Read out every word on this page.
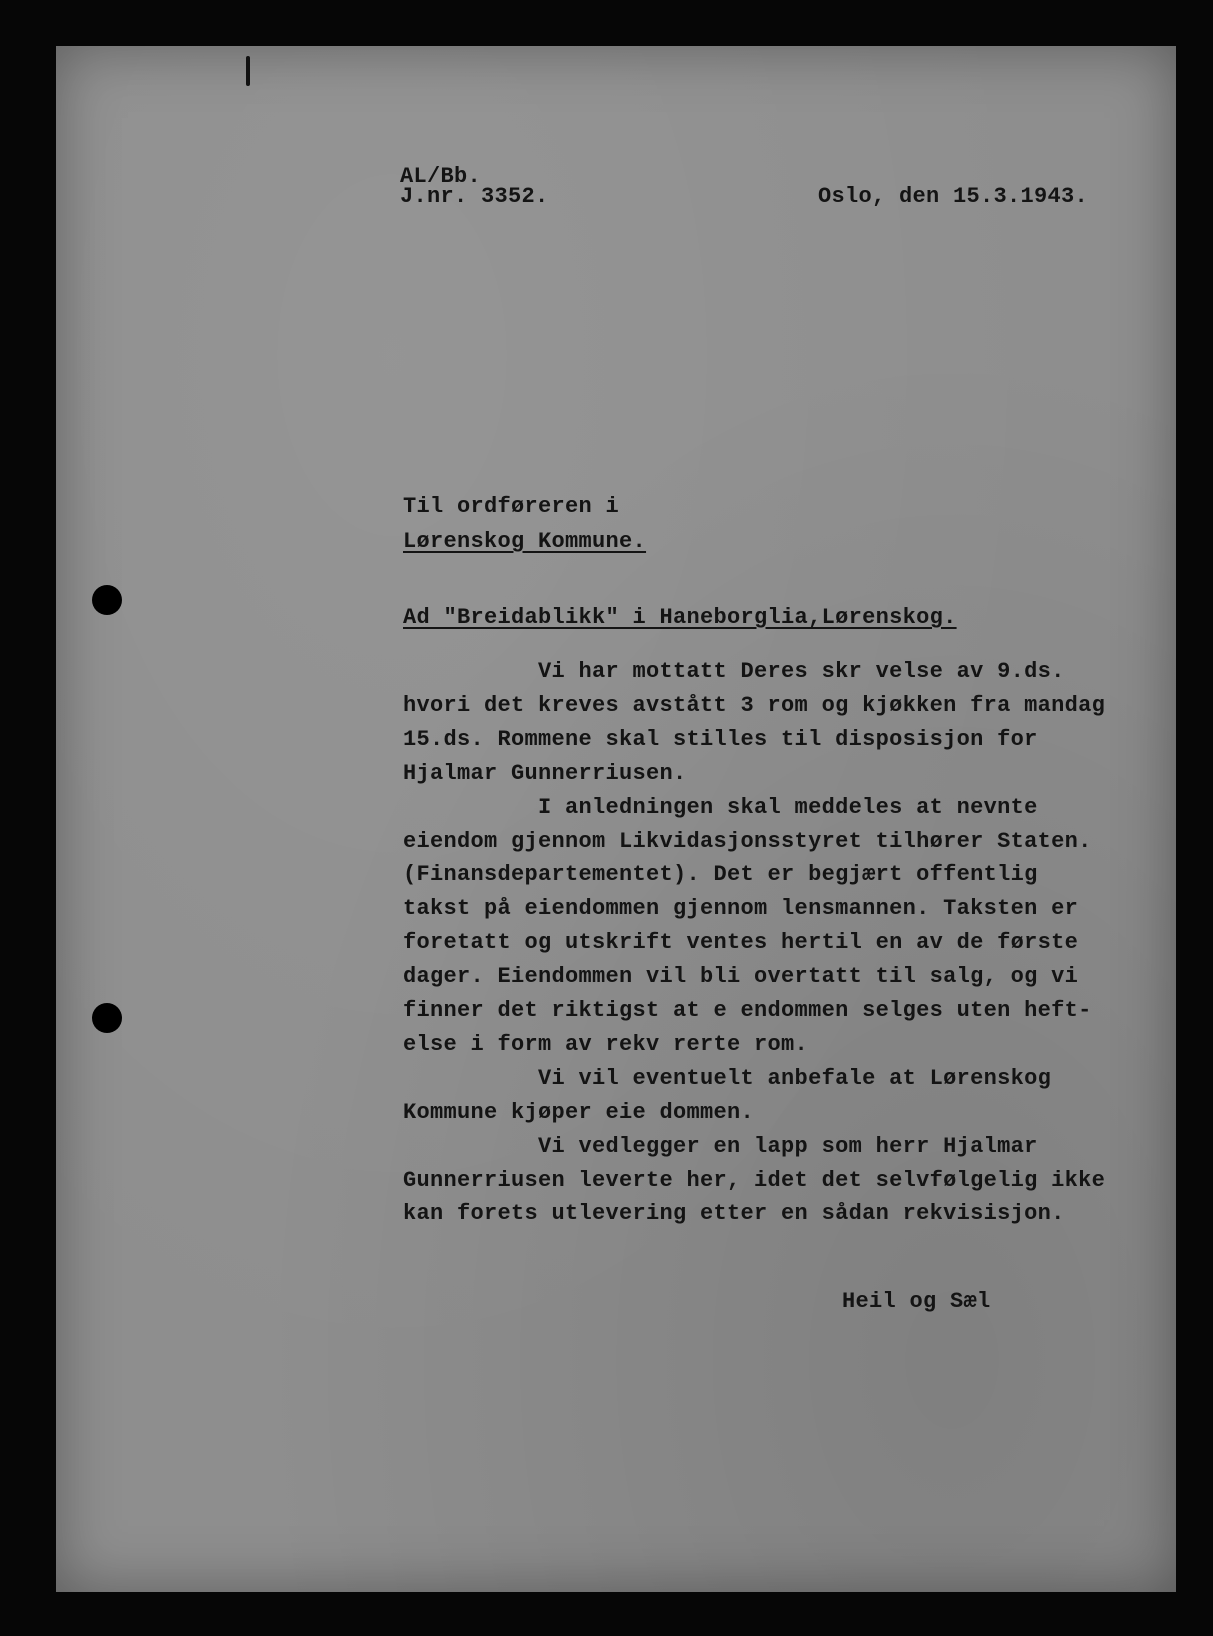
AL/Bb.
J.nr. 3352.	Oslo, den 15.3.1943.
Til ordføreren i
Lørenskog Kommune.
Ad "Breidablikk" i Haneborglia,Lørenskog.
Vi har mottatt Deres skr velse av 9.ds.
hvori det kreves avstått 3 rom og kjøkken fra mandag
15.ds. Rommene skal stilles til disposisjon for
Hjalmar Gunnerriusen.
I anledningen skal meddeles at nevnte
eiendom gjennom Likvidasjonsstyret tilhører Staten.
(Finansdepartementet). Det er begjært offentlig
takst på eiendommen gjennom lensmannen. Taksten er
foretatt og utskrift ventes hertil en av de første
dager. Eiendommen vil bli overtatt til salg, og vi
finner det riktigst at e endommen selges uten heft-
else i form av rekv rerte rom.
Vi vil eventuelt anbefale at Lørenskog
Kommune kjøper eie dommen.
Vi vedlegger en lapp som herr Hjalmar
Gunnerriusen leverte her, idet det selvfølgelig ikke
kan forets utlevering etter en sådan rekvisisjon.
Heil og Sæl
